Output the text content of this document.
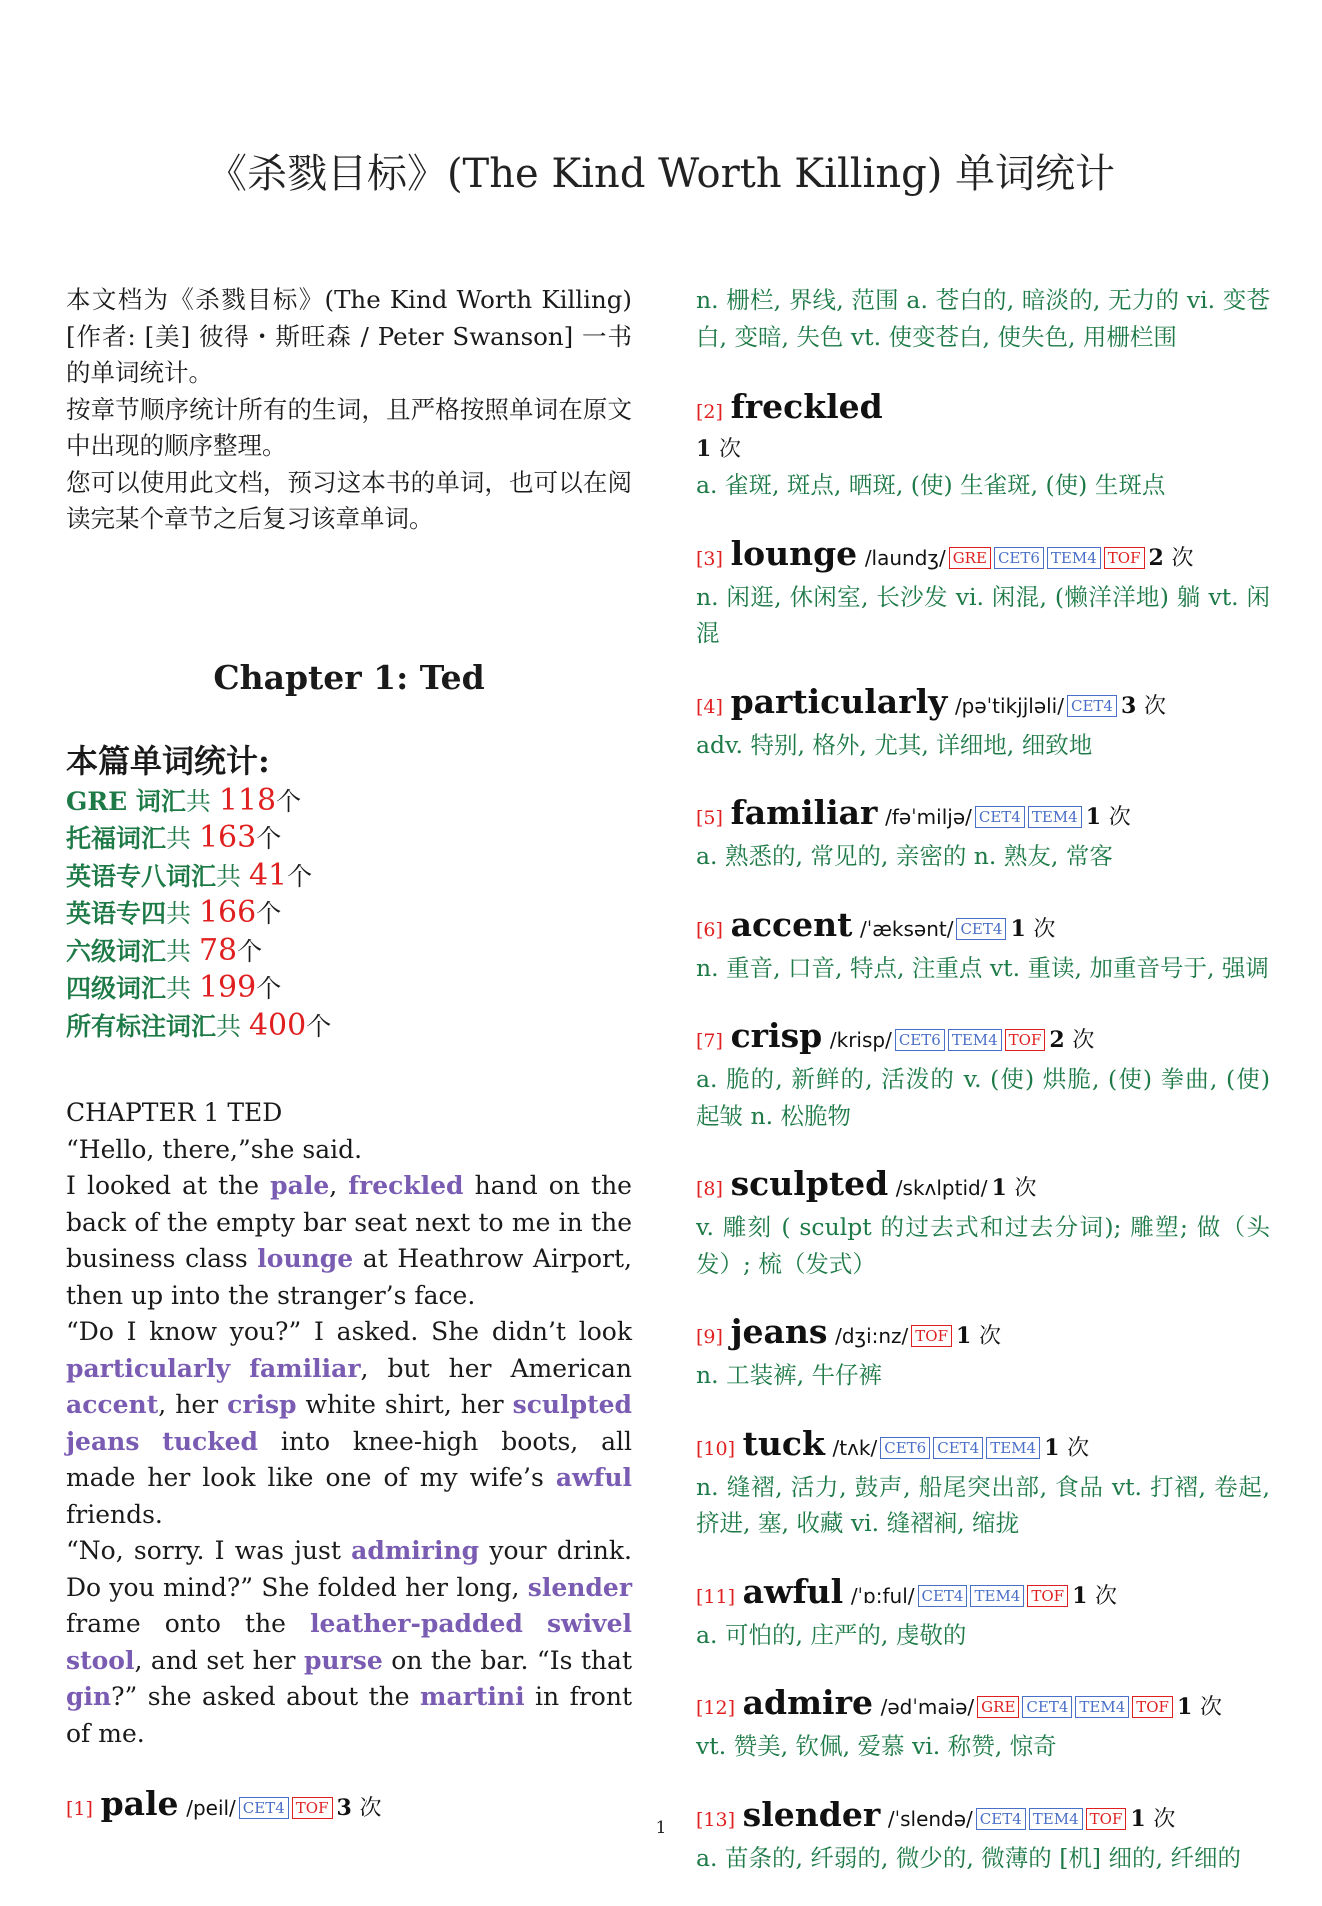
《杀戮目标》(The Kind Worth Killing) 单词统计

本文档为《杀戮目标》(The Kind Worth Killing)[作者: [美] 彼得・斯旺森 / Peter Swanson] 一书的单词统计。

按章节顺序统计所有的生词，且严格按照单词在原文中出现的顺序整理。

您可以使用此文档，预习这本书的单词，也可以在阅读完某个章节之后复习该章单词。

Chapter 1: Ted

本篇单词统计:

GRE 词汇共 118个
托福词汇共 163个
英语专八词汇共 41个
英语专四共 166个
六级词汇共 78个
四级词汇共 199个
所有标注词汇共 400个

CHAPTER 1 TED

“Hello, there,”she said.

I looked at the pale, freckled hand on the back of the empty bar seat next to me in the business class lounge at Heathrow Airport, then up into the stranger’s face.

“Do I know you?” I asked. She didn’t look particularly familiar, but her American accent, her crisp white shirt, her sculpted jeans tucked into knee-high boots, all made her look like one of my wife’s awful friends.

“No, sorry. I was just admiring your drink. Do you mind?” She folded her long, slender frame onto the leather-padded swivel stool, and set her purse on the bar. “Is that gin?” she asked about the martini in front of me.

[1] pale /peil/ CET4 TOF 3 次

n. 栅栏, 界线, 范围 a. 苍白的, 暗淡的, 无力的 vi. 变苍白, 变暗, 失色 vt. 使变苍白, 使失色, 用栅栏围

[2] freckled
1 次

a. 雀斑, 斑点, 晒斑, (使) 生雀斑, (使) 生斑点

[3] lounge /laundʒ/ GRE CET6 TEM4 TOF 2 次

n. 闲逛, 休闲室, 长沙发 vi. 闲混, (懒洋洋地) 躺 vt. 闲混

[4] particularly /pəˈtikjjləli/ CET4 3 次

adv. 特别, 格外, 尤其, 详细地, 细致地

[5] familiar /fəˈmiljə/ CET4 TEM4 1 次

a. 熟悉的, 常见的, 亲密的 n. 熟友, 常客

[6] accent /ˈæksənt/ CET4 1 次

n. 重音, 口音, 特点, 注重点 vt. 重读, 加重音号于, 强调

[7] crisp /krisp/ CET6 TEM4 TOF 2 次

a. 脆的, 新鲜的, 活泼的 v. (使) 烘脆, (使) 拳曲, (使) 起皱 n. 松脆物

[8] sculpted /skʌlptid/ 1 次

v. 雕刻 ( sculpt 的过去式和过去分词); 雕塑; 做（头发）; 梳（发式）

[9] jeans /dʒi:nz/ TOF 1 次

n. 工装裤, 牛仔裤

[10] tuck /tʌk/ CET6 CET4 TEM4 1 次

n. 缝褶, 活力, 鼓声, 船尾突出部, 食品 vt. 打褶, 卷起, 挤进, 塞, 收藏 vi. 缝褶裥, 缩拢

[11] awful /ˈɒ:ful/ CET4 TEM4 TOF 1 次

a. 可怕的, 庄严的, 虔敬的

[12] admire /ədˈmaiə/ GRE CET4 TEM4 TOF 1 次

vt. 赞美, 钦佩, 爱慕 vi. 称赞, 惊奇

[13] slender /ˈslendə/ CET4 TEM4 TOF 1 次

a. 苗条的, 纤弱的, 微少的, 微薄的 [机] 细的, 纤细的

1
